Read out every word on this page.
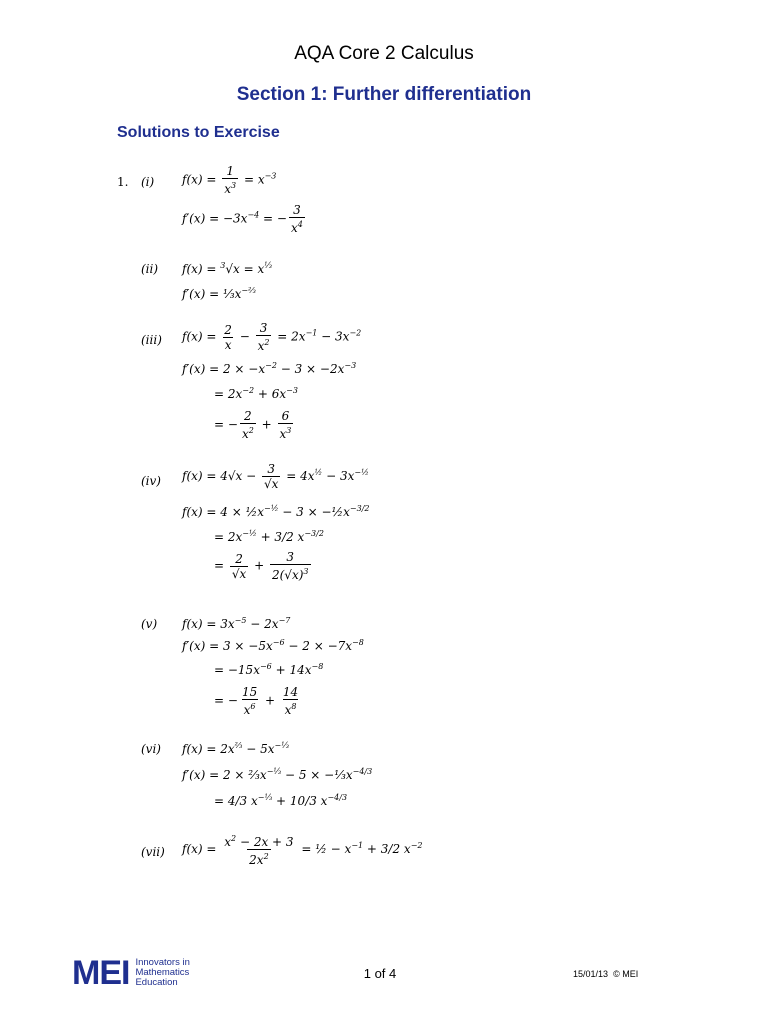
AQA Core 2 Calculus
Section 1: Further differentiation
Solutions to Exercise
1. (i) $f(x) = \frac{1}{x^3} = x^{-3}$
$f'(x) = -3x^{-4}$ = − $\frac{3}{x^4}$
(ii) $f(x) = ^3√x = x^{\frac{1}{3}}$
$f'(x) = \frac{1}{3}x^{-\frac{2}{3}}$
(iii) $f(x) = \frac{2}{x} - \frac{3}{x^2} = 2x^{-1} - 3x^{-2}$
$f'(x) = 2 \times -x^{-2} - 3 \times -2x^{-3}$
= $2x^{-2} + 6x^{-3}$
= − $\frac{2}{x^2} + \frac{6}{x^3}$
(iv) $f(x) = 4√x - \frac{3}{√x} = 4x^{\frac{1}{2}} - 3x^{-\frac{1}{2}}$
$f(x) = 4 \times \frac{1}{2}x^{-\frac{1}{2}} - 3$ × $-\frac{1}{2}x^{-3/2}$
= $2x^{-\frac{1}{2}} + 3/2$ $x^{-3/2}$
= $\frac{2}{√x} + \frac{3}{2(√x)^3}$
(v) $f(x) = 3x^{-5} - 2x^{-7}$
$f'(x) = 3 \times -5x^{-6} - 2 \times -7x^{-8}$
= $-15x^{-6} + 14x^{-8}$
= − $\frac{15}{x^6} + \frac{14}{x^8}$
(vi) $f(x) = 2x^{\frac{2}{3}} - 5x^{-\frac{1}{3}}$
$f'(x) = 2 \times \frac{2}{3}x^{-\frac{1}{3}} - 5$ × $-\frac{1}{3}x^{-4/3}$
= 4/3 $x^{-\frac{1}{3}} + 10/3$ $x^{-4/3}$
(vii) $f(x) = \frac{x^2 - 2x + 3}{2x^2}$ = ½ − $x^{-1} + 3/2$ $x^{-2}$
MEI Innovators in
Mathematics
Education
1 of 4	15/01/13 © MEI
